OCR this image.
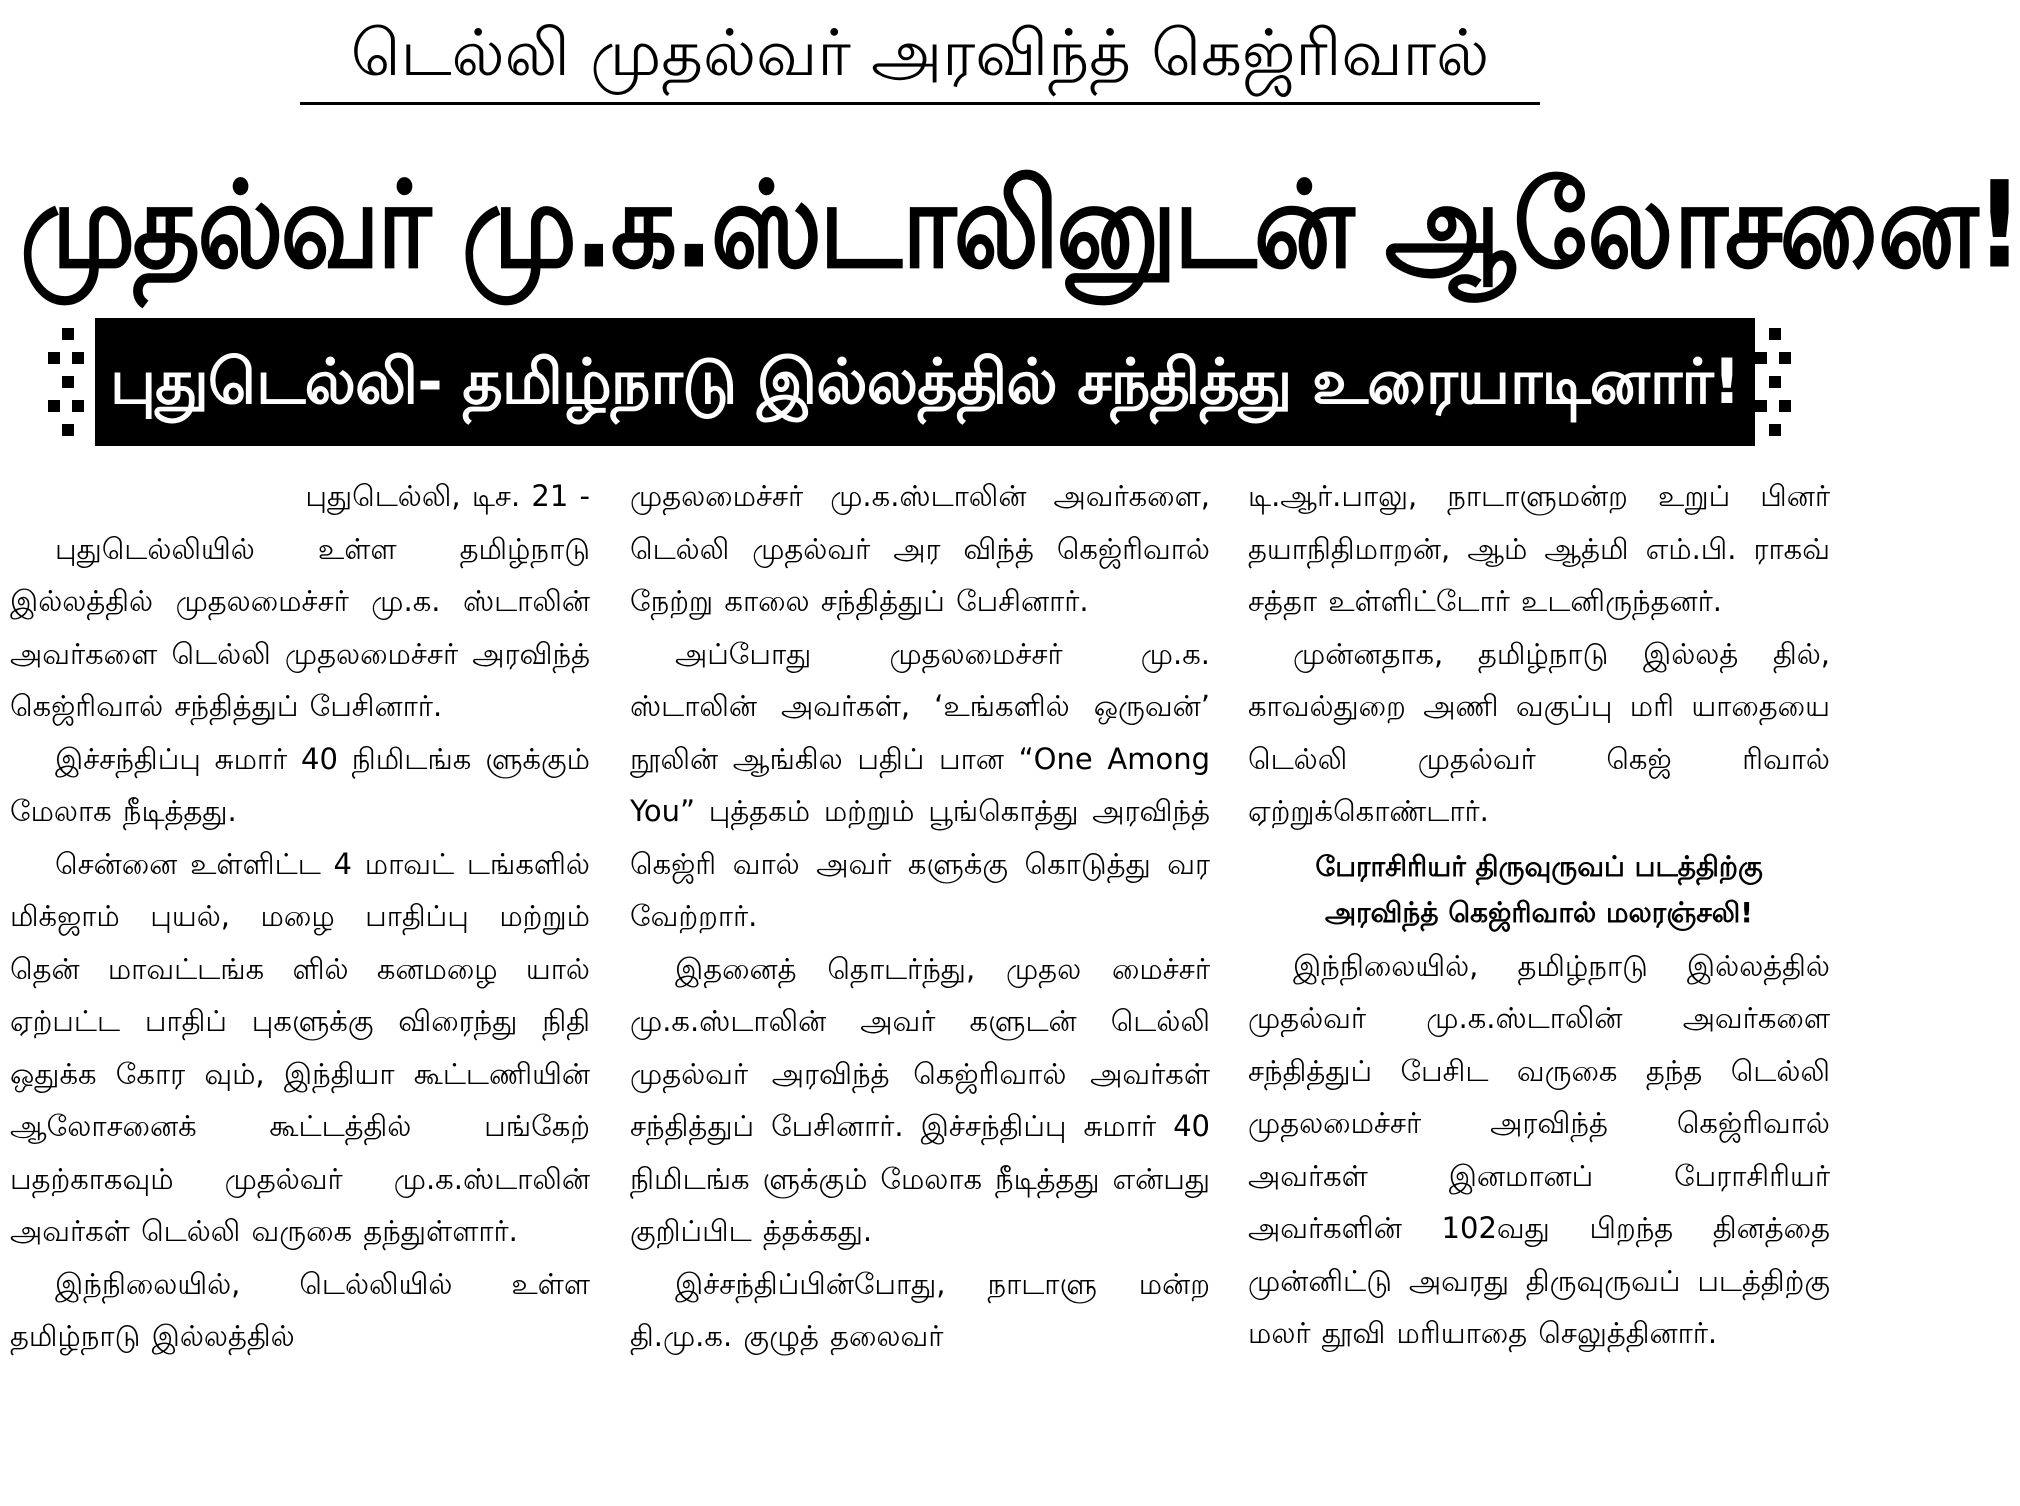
டெல்லி முதல்வர் அரவிந்த் கெஜ்ரிவால்
முதல்வர் மு.க.ஸ்டாலினுடன் ஆலோசனை!
புதுடெல்லி- தமிழ்நாடு இல்லத்தில் சந்தித்து உரையாடினார்!

புதுடெல்லி, டிச. 21 -

புதுடெல்லியில் உள்ள தமிழ்நாடு இல்லத்தில் முதலமைச்சர் மு.க. ஸ்டாலின் அவர்களை டெல்லி முதலமைச்சர் அரவிந்த் கெஜ்ரிவால் சந்தித்துப் பேசினார்.

இச்சந்திப்பு சுமார் 40 நிமிடங்க ளுக்கும் மேலாக நீடித்தது.

சென்னை உள்ளிட்ட 4 மாவட் டங்களில் மிக்ஜாம் புயல், மழை பாதிப்பு மற்றும் தென் மாவட்டங்க ளில் கனமழை யால் ஏற்பட்ட பாதிப் புகளுக்கு விரைந்து நிதி ஒதுக்க கோர வும், இந்தியா கூட்டணியின் ஆலோசனைக் கூட்டத்தில் பங்கேற் பதற்காகவும் முதல்வர் மு.க.ஸ்டாலின் அவர்கள் டெல்லி வருகை தந்துள்ளார்.

இந்நிலையில், டெல்லியில் உள்ள தமிழ்நாடு இல்லத்தில்

முதலமைச்சர் மு.க.ஸ்டாலின் அவர்களை, டெல்லி முதல்வர் அர விந்த் கெஜ்ரிவால் நேற்று காலை சந்தித்துப் பேசினார்.

அப்போது முதலமைச்சர் மு.க. ஸ்டாலின் அவர்கள், ‘உங்களில் ஒருவன்’ நூலின் ஆங்கில பதிப் பான “One Among You” புத்தகம் மற்றும் பூங்கொத்து அரவிந்த் கெஜ்ரி வால் அவர் களுக்கு கொடுத்து வர வேற்றார்.

இதனைத் தொடர்ந்து, முதல மைச்சர் மு.க.ஸ்டாலின் அவர் களுடன் டெல்லி முதல்வர் அரவிந்த் கெஜ்ரிவால் அவர்கள் சந்தித்துப் பேசினார். இச்சந்திப்பு சுமார் 40 நிமிடங்க ளுக்கும் மேலாக நீடித்தது என்பது குறிப்பிட த்தக்கது.

இச்சந்திப்பின்போது, நாடாளு மன்ற தி.மு.க. குழுத் தலைவர்

டி.ஆர்.பாலு, நாடாளுமன்ற உறுப் பினர் தயாநிதிமாறன், ஆம் ஆத்மி எம்.பி. ராகவ் சத்தா உள்ளிட்டோர் உடனிருந்தனர்.

முன்னதாக, தமிழ்நாடு இல்லத் தில், காவல்துறை அணி வகுப்பு மரி யாதையை டெல்லி முதல்வர் கெஜ் ரிவால் ஏற்றுக்கொண்டார்.

பேராசிரியர் திருவுருவப் படத்திற்கு
அரவிந்த் கெஜ்ரிவால் மலரஞ்சலி!

இந்நிலையில், தமிழ்நாடு இல்லத்தில் முதல்வர் மு.க.ஸ்டாலின் அவர்களை சந்தித்துப் பேசிட வருகை தந்த டெல்லி முதலமைச்சர் அரவிந்த் கெஜ்ரிவால் அவர்கள் இனமானப் பேராசிரியர் அவர்களின் 102வது பிறந்த தினத்தை முன்னிட்டு அவரது திருவுருவப் படத்திற்கு மலர் தூவி மரியாதை செலுத்தினார்.
